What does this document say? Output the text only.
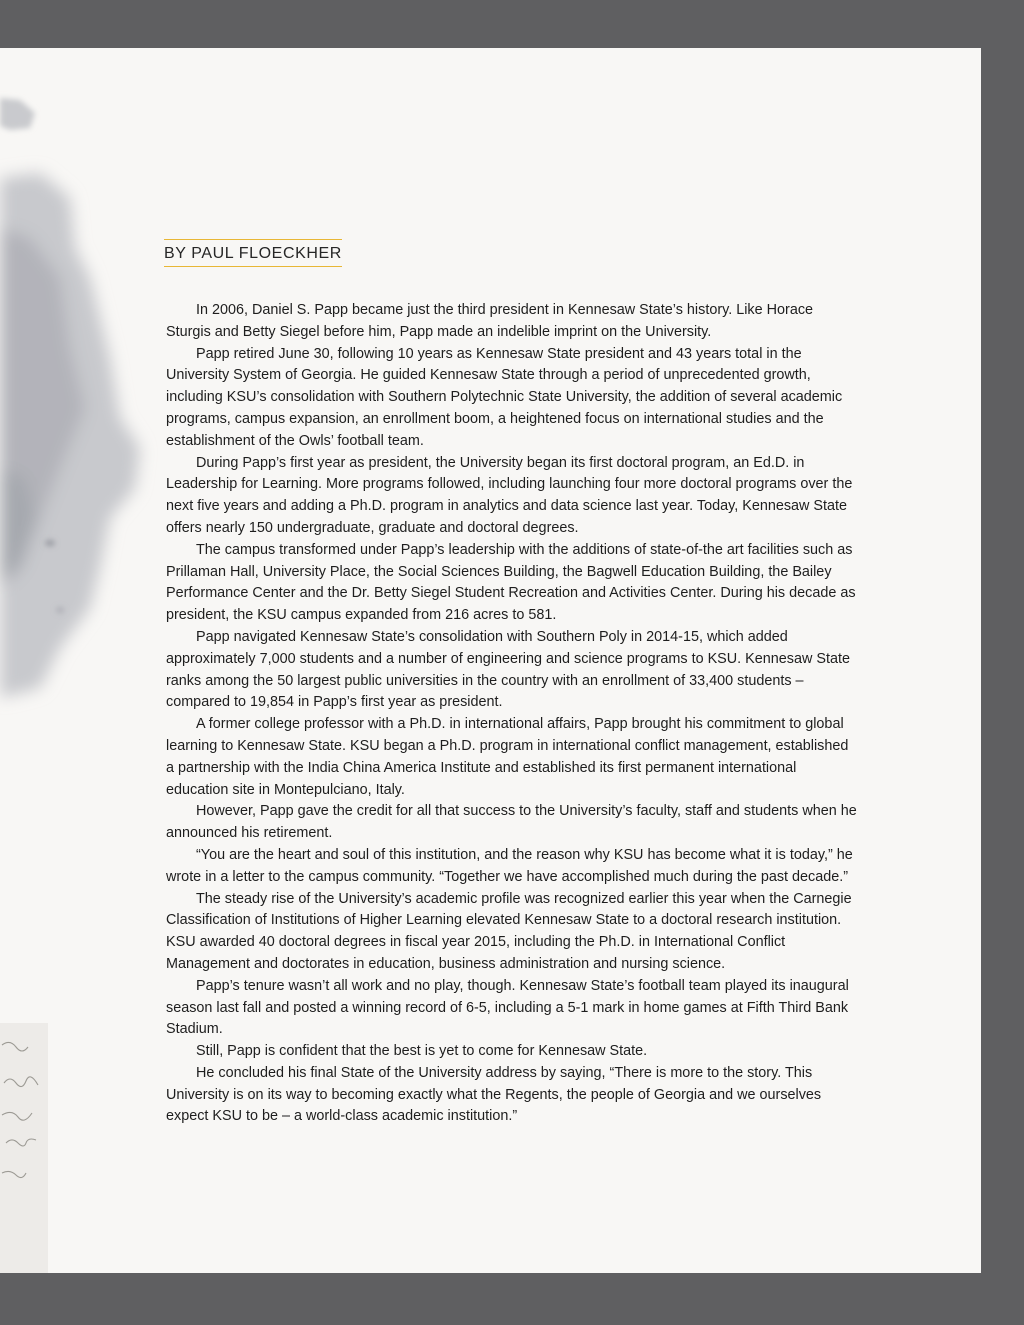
BY PAUL FLOECKHER

In 2006, Daniel S. Papp became just the third president in Kennesaw State’s history. Like Horace Sturgis and Betty Siegel before him, Papp made an indelible imprint on the University.

Papp retired June 30, following 10 years as Kennesaw State president and 43 years total in the University System of Georgia. He guided Kennesaw State through a period of unprecedented growth, including KSU’s consolidation with Southern Polytechnic State University, the addition of several academic programs, campus expansion, an enrollment boom, a heightened focus on international studies and the establishment of the Owls’ football team.

During Papp’s first year as president, the University began its first doctoral program, an Ed.D. in Leadership for Learning. More programs followed, including launching four more doctoral programs over the next five years and adding a Ph.D. program in analytics and data science last year. Today, Kennesaw State offers nearly 150 undergraduate, graduate and doctoral degrees.

The campus transformed under Papp’s leadership with the additions of state-of-the art facilities such as Prillaman Hall, University Place, the Social Sciences Building, the Bagwell Education Building, the Bailey Performance Center and the Dr. Betty Siegel Student Recreation and Activities Center. During his decade as president, the KSU campus expanded from 216 acres to 581.

Papp navigated Kennesaw State’s consolidation with Southern Poly in 2014-15, which added approximately 7,000 students and a number of engineering and science programs to KSU. Kennesaw State ranks among the 50 largest public universities in the country with an enrollment of 33,400 students – compared to 19,854 in Papp’s first year as president.

A former college professor with a Ph.D. in international affairs, Papp brought his commitment to global learning to Kennesaw State. KSU began a Ph.D. program in international conflict management, established a partnership with the India China America Institute and established its first permanent international education site in Montepulciano, Italy.

However, Papp gave the credit for all that success to the University’s faculty, staff and students when he announced his retirement.

“You are the heart and soul of this institution, and the reason why KSU has become what it is today,” he wrote in a letter to the campus community. “Together we have accomplished much during the past decade.”

The steady rise of the University’s academic profile was recognized earlier this year when the Carnegie Classification of Institutions of Higher Learning elevated Kennesaw State to a doctoral research institution. KSU awarded 40 doctoral degrees in fiscal year 2015, including the Ph.D. in International Conflict Management and doctorates in education, business administration and nursing science.

Papp’s tenure wasn’t all work and no play, though. Kennesaw State’s football team played its inaugural season last fall and posted a winning record of 6-5, including a 5-1 mark in home games at Fifth Third Bank Stadium.

Still, Papp is confident that the best is yet to come for Kennesaw State.

He concluded his final State of the University address by saying, “There is more to the story. This University is on its way to becoming exactly what the Regents, the people of Georgia and we ourselves expect KSU to be – a world-class academic institution.”
